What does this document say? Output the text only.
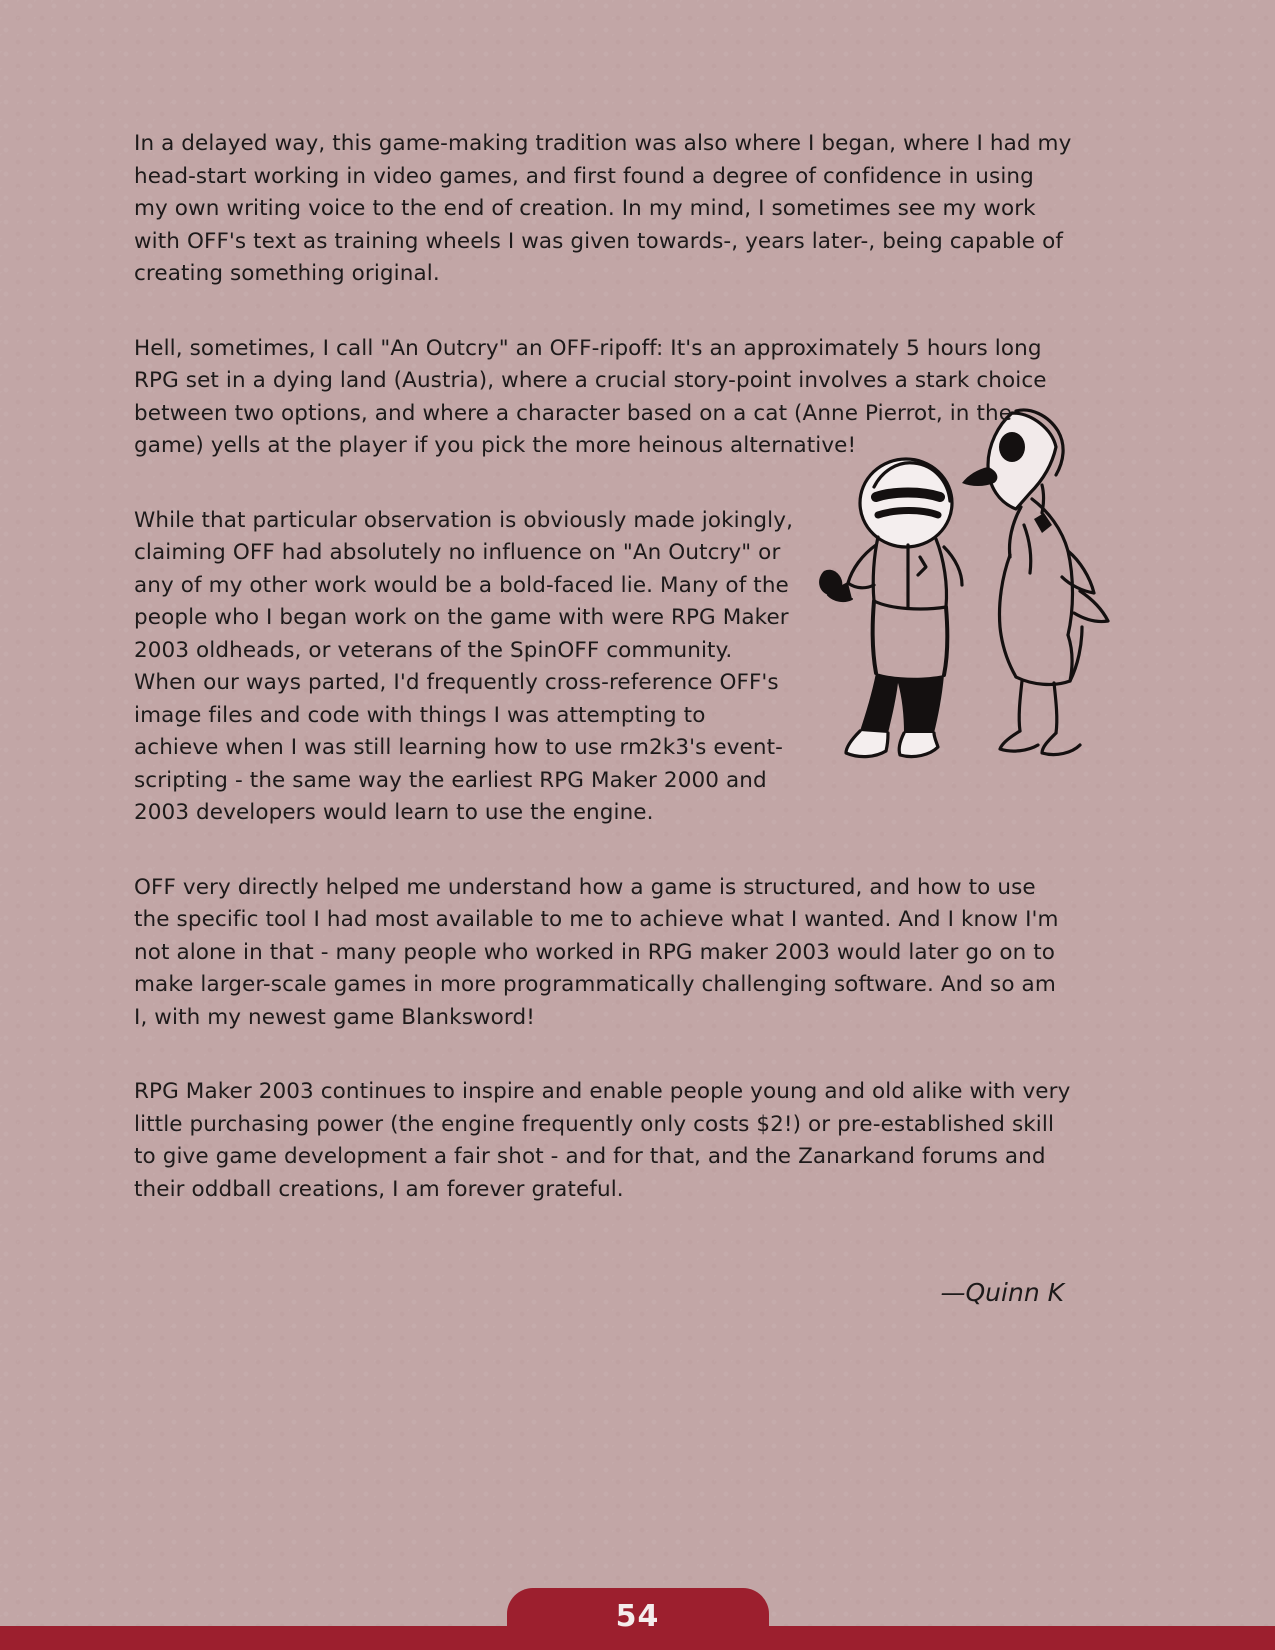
In a delayed way, this game-making tradition was also where I began, where I had my head-start working in video games, and first found a degree of confidence in using my own writing voice to the end of creation. In my mind, I sometimes see my work with OFF's text as training wheels I was given towards-, years later-, being capable of creating something original.

Hell, sometimes, I call "An Outcry" an OFF-ripoff: It's an approximately 5 hours long RPG set in a dying land (Austria), where a crucial story-point involves a stark choice between two options, and where a character based on a cat (Anne Pierrot, in the game) yells at the player if you pick the more heinous alternative!

While that particular observation is obviously made jokingly, claiming OFF had absolutely no influence on "An Outcry" or any of my other work would be a bold-faced lie. Many of the people who I began work on the game with were RPG Maker 2003 oldheads, or veterans of the SpinOFF community. When our ways parted, I'd frequently cross-reference OFF's image files and code with things I was attempting to achieve when I was still learning how to use rm2k3's event-scripting - the same way the earliest RPG Maker 2000 and 2003 developers would learn to use the engine.

OFF very directly helped me understand how a game is structured, and how to use the specific tool I had most available to me to achieve what I wanted. And I know I'm not alone in that - many people who worked in RPG maker 2003 would later go on to make larger-scale games in more programmatically challenging software. And so am I, with my newest game Blanksword!

RPG Maker 2003 continues to inspire and enable people young and old alike with very little purchasing power (the engine frequently only costs $2!) or pre-established skill to give game development a fair shot - and for that, and the Zanarkand forums and their oddball creations, I am forever grateful.

—Quinn K
54
